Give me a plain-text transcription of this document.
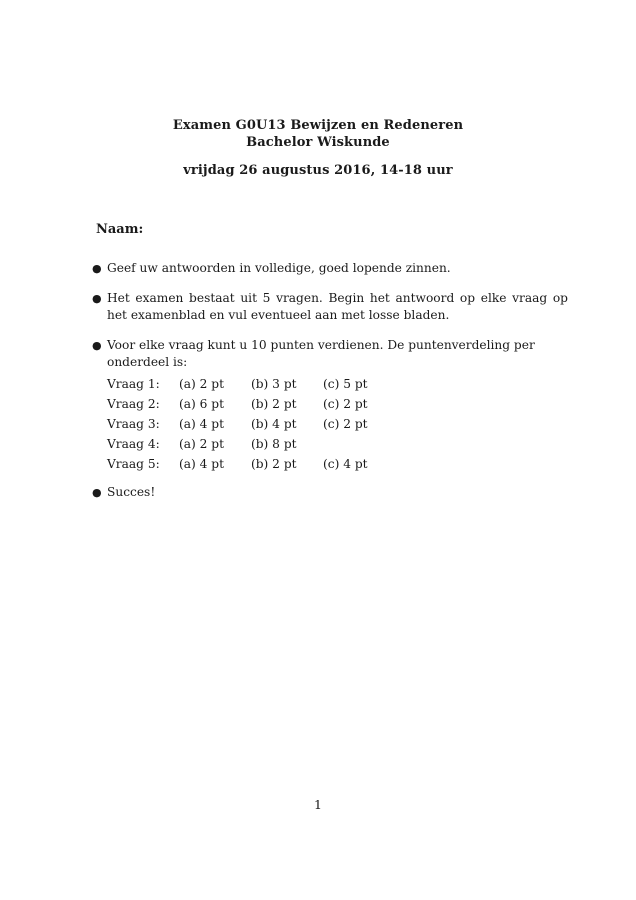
Examen G0U13 Bewijzen en Redeneren
Bachelor Wiskunde
vrijdag 26 augustus 2016, 14-18 uur
Naam:
● Geef uw antwoorden in volledige, goed lopende zinnen.
● Het examen bestaat uit 5 vragen. Begin het antwoord op elke vraag op het examenblad en vul eventueel aan met losse bladen.
● Voor elke vraag kunt u 10 punten verdienen. De puntenverdeling per onderdeel is:
Vraag 1:	(a) 2 pt	(b) 3 pt	(c) 5 pt
Vraag 2:	(a) 6 pt	(b) 2 pt	(c) 2 pt
Vraag 3:	(a) 4 pt	(b) 4 pt	(c) 2 pt
Vraag 4:	(a) 2 pt	(b) 8 pt	
Vraag 5:	(a) 4 pt	(b) 2 pt	(c) 4 pt
● Succes!
1
